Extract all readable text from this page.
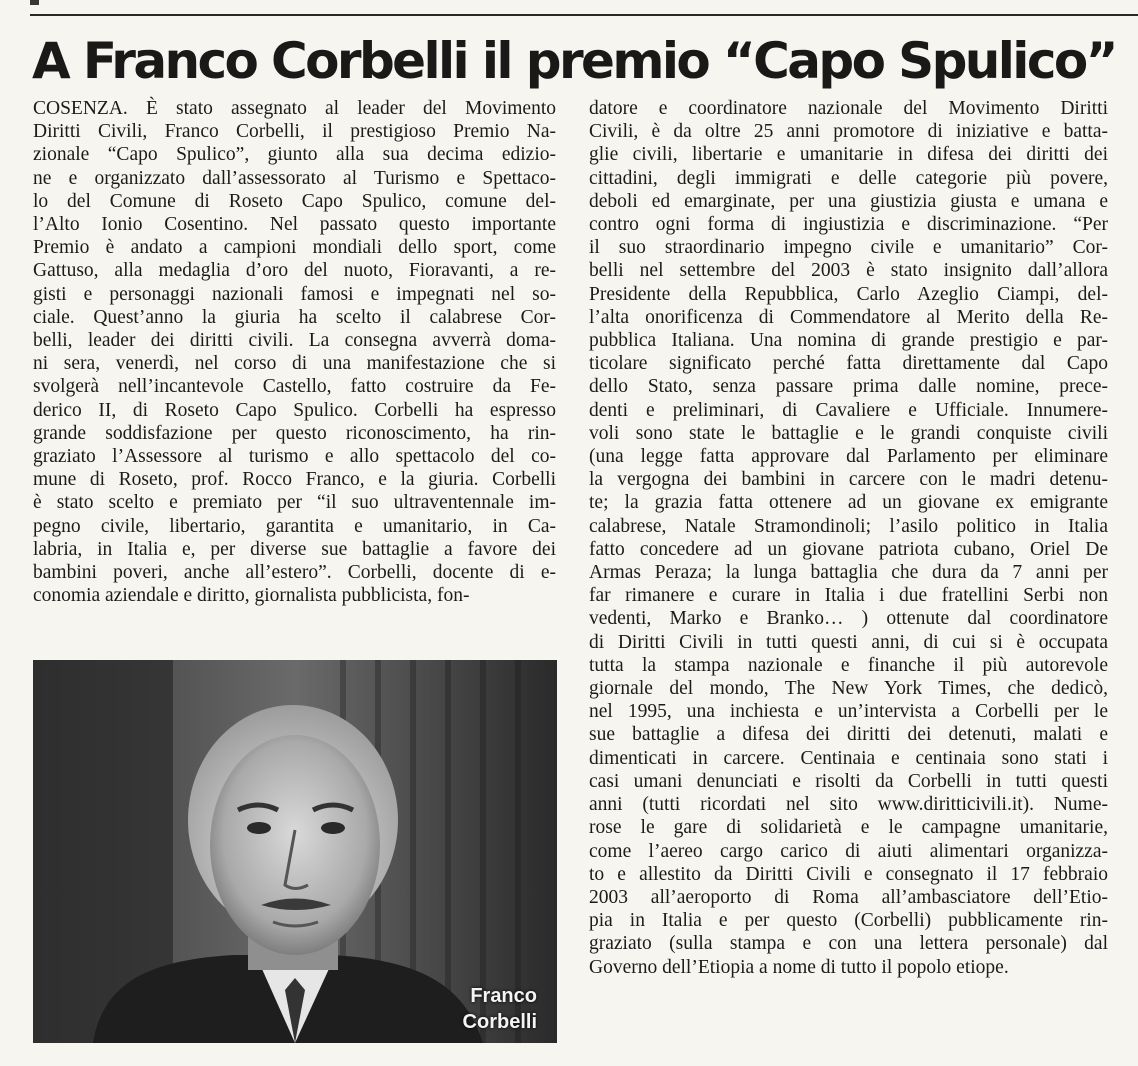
A Franco Corbelli il premio “Capo Spulico”
COSENZA. È stato assegnato al leader del Movimento
Diritti Civili, Franco Corbelli, il prestigioso Premio Na-
zionale “Capo Spulico”, giunto alla sua decima edizio-
ne e organizzato dall’assessorato al Turismo e Spettaco-
lo del Comune di Roseto Capo Spulico, comune del-
l’Alto Ionio Cosentino. Nel passato questo importante
Premio è andato a campioni mondiali dello sport, come
Gattuso, alla medaglia d’oro del nuoto, Fioravanti, a re-
gisti e personaggi nazionali famosi e impegnati nel so-
ciale. Quest’anno la giuria ha scelto il calabrese Cor-
belli, leader dei diritti civili. La consegna avverrà doma-
ni sera, venerdì, nel corso di una manifestazione che si
svolgerà nell’incantevole Castello, fatto costruire da Fe-
derico II, di Roseto Capo Spulico. Corbelli ha espresso
grande soddisfazione per questo riconoscimento, ha rin-
graziato l’Assessore al turismo e allo spettacolo del co-
mune di Roseto, prof. Rocco Franco, e la giuria. Corbelli
è stato scelto e premiato per “il suo ultraventennale im-
pegno civile, libertario, garantita e umanitario, in Ca-
labria, in Italia e, per diverse sue battaglie a favore dei
bambini poveri, anche all’estero”. Corbelli, docente di e-
conomia aziendale e diritto, giornalista pubblicista, fon-
datore e coordinatore nazionale del Movimento Diritti
Civili, è da oltre 25 anni promotore di iniziative e batta-
glie civili, libertarie e umanitarie in difesa dei diritti dei
cittadini, degli immigrati e delle categorie più povere,
deboli ed emarginate, per una giustizia giusta e umana e
contro ogni forma di ingiustizia e discriminazione. “Per
il suo straordinario impegno civile e umanitario” Cor-
belli nel settembre del 2003 è stato insignito dall’allora
Presidente della Repubblica, Carlo Azeglio Ciampi, del-
l’alta onorificenza di Commendatore al Merito della Re-
pubblica Italiana. Una nomina di grande prestigio e par-
ticolare significato perché fatta direttamente dal Capo
dello Stato, senza passare prima dalle nomine, prece-
denti e preliminari, di Cavaliere e Ufficiale. Innumere-
voli sono state le battaglie e le grandi conquiste civili
(una legge fatta approvare dal Parlamento per eliminare
la vergogna dei bambini in carcere con le madri detenu-
te; la grazia fatta ottenere ad un giovane ex emigrante
calabrese, Natale Stramondinoli; l’asilo politico in Italia
fatto concedere ad un giovane patriota cubano, Oriel De
Armas Peraza; la lunga battaglia che dura da 7 anni per
far rimanere e curare in Italia i due fratellini Serbi non
vedenti, Marko e Branko… ) ottenute dal coordinatore
di Diritti Civili in tutti questi anni, di cui si è occupata
tutta la stampa nazionale e finanche il più autorevole
giornale del mondo, The New York Times, che dedicò,
nel 1995, una inchiesta e un’intervista a Corbelli per le
sue battaglie a difesa dei diritti dei detenuti, malati e
dimenticati in carcere. Centinaia e centinaia sono stati i
casi umani denunciati e risolti da Corbelli in tutti questi
anni (tutti ricordati nel sito www.diritticivili.it). Nume-
rose le gare di solidarietà e le campagne umanitarie,
come l’aereo cargo carico di aiuti alimentari organizza-
to e allestito da Diritti Civili e consegnato il 17 febbraio
2003 all’aeroporto di Roma all’ambasciatore dell’Etio-
pia in Italia e per questo (Corbelli) pubblicamente rin-
graziato (sulla stampa e con una lettera personale) dal
Governo dell’Etiopia a nome di tutto il popolo etiope.
Franco
Corbelli
